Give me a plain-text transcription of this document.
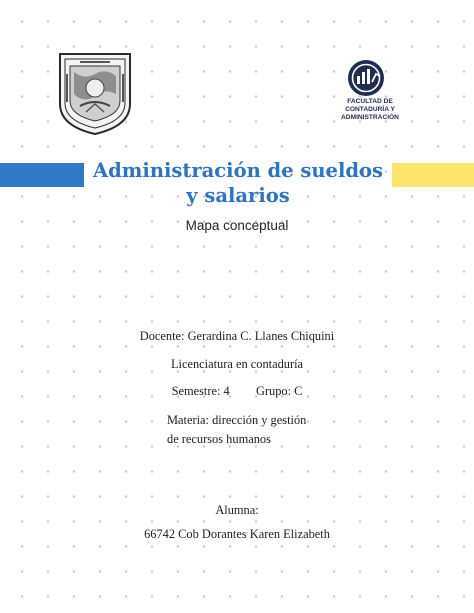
FACULTAD DE
CONTADURÍA Y
ADMINISTRACIÓN
Administración de sueldos y salarios
Mapa conceptual
Docente: Gerardina C. Llanes Chiquini
Licenciatura en contaduría
Semestre: 4 Grupo: C
Materia: dirección y gestión de recursos humanos
Alumna:
66742 Cob Dorantes Karen Elizabeth
